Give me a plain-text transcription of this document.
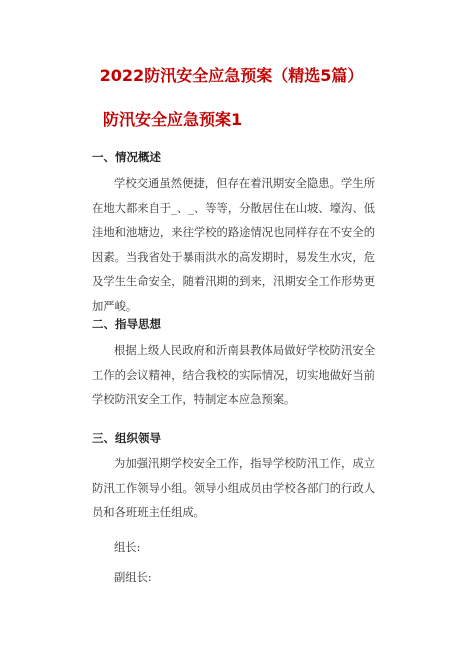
2022防汛安全应急预案（精选5篇）
防汛安全应急预案1
一、情况概述

学校交通虽然便捷，但存在着汛期安全隐患。学生所在地大都来自于_、_、等等，分散居住在山坡、壕沟、低洼地和池塘边，来往学校的路途情况也同样存在不安全的因素。当我省处于暴雨洪水的高发期时，易发生水灾，危及学生生命安全，随着汛期的到来，汛期安全工作形势更加严峻。

二、指导思想

根据上级人民政府和沂南县教体局做好学校防汛安全工作的会议精神，结合我校的实际情况，切实地做好当前学校防汛安全工作，特制定本应急预案。

三、组织领导

为加强汛期学校安全工作，指导学校防汛工作，成立防汛工作领导小组。领导小组成员由学校各部门的行政人员和各班班主任组成。

组长:
副组长:
